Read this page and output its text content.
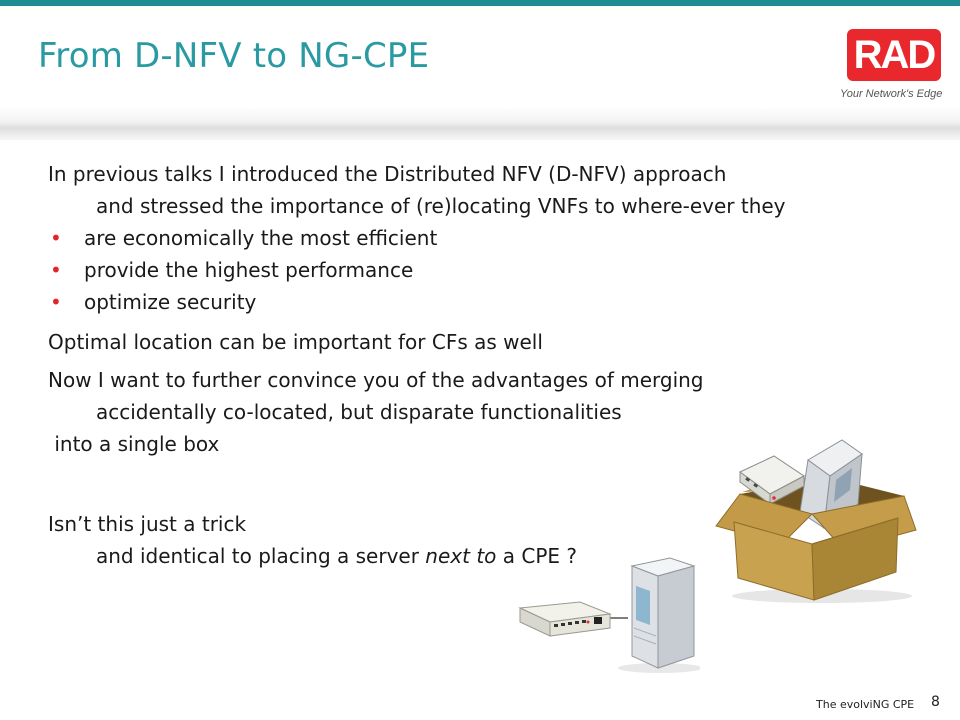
From D-NFV to NG-CPE	RAD
Your Network's Edge

In previous talks I introduced the Distributed NFV (D-NFV) approach

and stressed the importance of (re)locating VNFs to where-ever they

• are economically the most efficient

• provide the highest performance

• optimize security

Optimal location can be important for CFs as well

Now I want to further convince you of the advantages of merging

accidentally co-located, but disparate functionalities

into a single box

Isn’t this just a trick

and identical to placing a server next to a CPE ?

The evolviNG CPE 8
